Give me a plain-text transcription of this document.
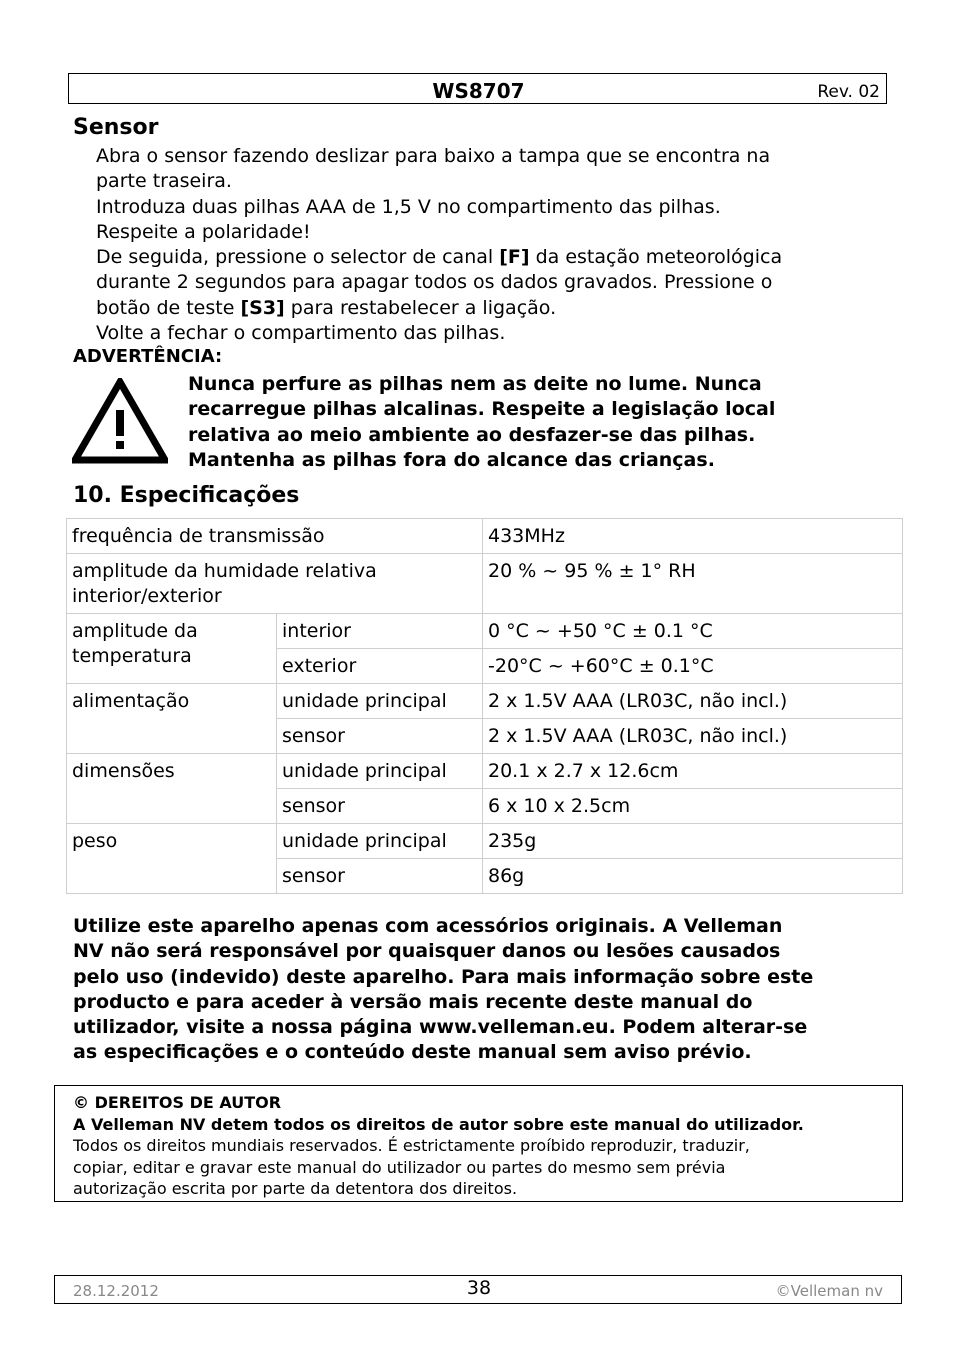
WS8707	Rev. 02
Sensor
Abra o sensor fazendo deslizar para baixo a tampa que se encontra na
parte traseira.
Introduza duas pilhas AAA de 1,5 V no compartimento das pilhas.
Respeite a polaridade!
De seguida, pressione o selector de canal [F] da estação meteorológica
durante 2 segundos para apagar todos os dados gravados. Pressione o
botão de teste [S3] para restabelecer a ligação.
Volte a fechar o compartimento das pilhas.
ADVERTÊNCIA:
Nunca perfure as pilhas nem as deite no lume. Nunca
recarregue pilhas alcalinas. Respeite a legislação local
relativa ao meio ambiente ao desfazer-se das pilhas.
Mantenha as pilhas fora do alcance das crianças.
10. Especificações
frequência de transmissão		433MHz
amplitude da humidade relativa interior/exterior		20 % ~ 95 % ± 1° RH
amplitude da temperatura	interior	0 °C ~ +50 °C ± 0.1 °C
	exterior	-20°C ~ +60°C ± 0.1°C
alimentação	unidade principal	2 x 1.5V AAA (LR03C, não incl.)
	sensor	2 x 1.5V AAA (LR03C, não incl.)
dimensões	unidade principal	20.1 x 2.7 x 12.6cm
	sensor	6 x 10 x 2.5cm
peso	unidade principal	235g
	sensor	86g
Utilize este aparelho apenas com acessórios originais. A Velleman
NV não será responsável por quaisquer danos ou lesões causados
pelo uso (indevido) deste aparelho. Para mais informação sobre este
producto e para aceder à versão mais recente deste manual do
utilizador, visite a nossa página www.velleman.eu. Podem alterar-se
as especificações e o conteúdo deste manual sem aviso prévio.
© DEREITOS DE AUTOR
A Velleman NV detem todos os direitos de autor sobre este manual do utilizador.
Todos os direitos mundiais reservados. É estrictamente proíbido reproduzir, traduzir,
copiar, editar e gravar este manual do utilizador ou partes do mesmo sem prévia
autorização escrita por parte da detentora dos direitos.
28.12.2012	38	©Velleman nv
